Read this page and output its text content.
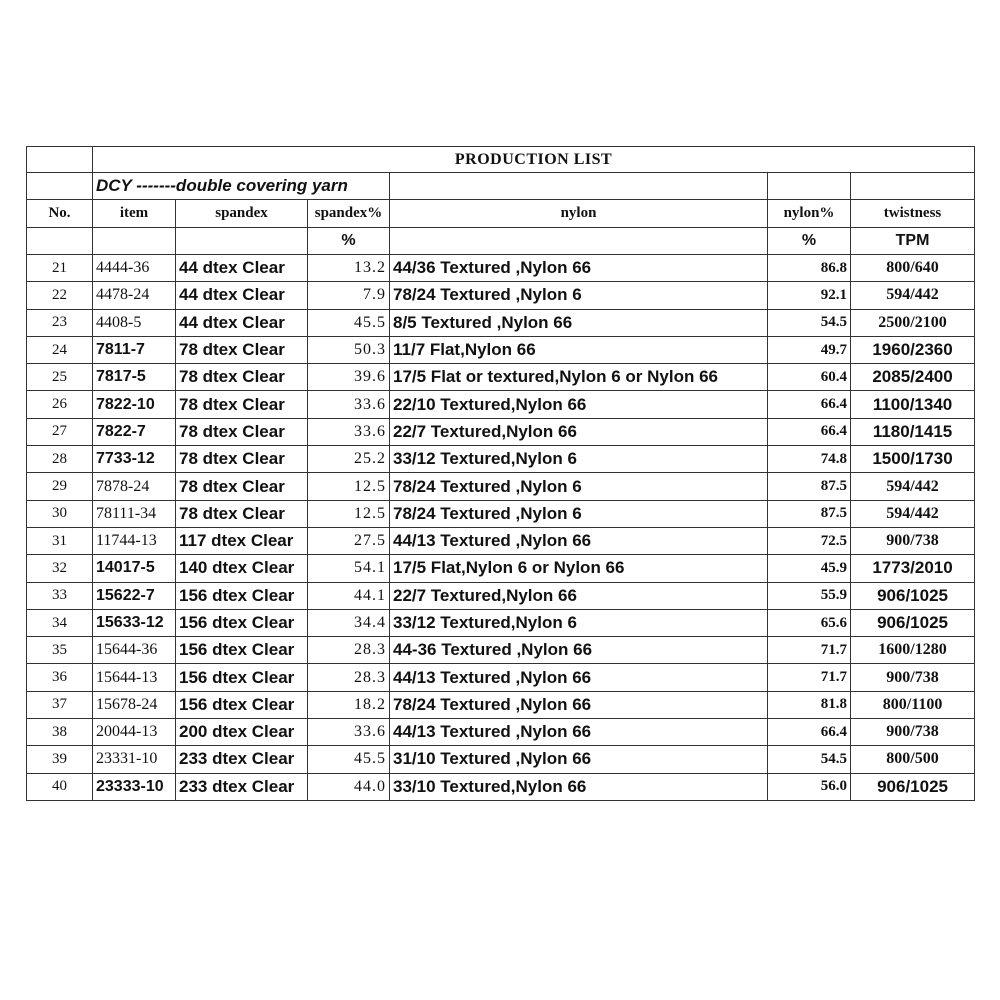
	PRODUCTION LIST					
	DCY -------double covering yarn					
No.	item	spandex	spandex%	nylon	nylon%	twistness
			%		%	TPM
21	4444-36	44 dtex Clear	13.2	44/36 Textured ,Nylon 66	86.8	800/640
22	4478-24	44 dtex Clear	7.9	78/24 Textured ,Nylon 6	92.1	594/442
23	4408-5	44 dtex Clear	45.5	8/5 Textured ,Nylon 66	54.5	2500/2100
24	7811-7	78 dtex Clear	50.3	11/7 Flat,Nylon 66	49.7	1960/2360
25	7817-5	78 dtex Clear	39.6	17/5 Flat or textured,Nylon 6 or Nylon 66	60.4	2085/2400
26	7822-10	78 dtex Clear	33.6	22/10 Textured,Nylon 66	66.4	1100/1340
27	7822-7	78 dtex Clear	33.6	22/7 Textured,Nylon 66	66.4	1180/1415
28	7733-12	78 dtex Clear	25.2	33/12 Textured,Nylon 6	74.8	1500/1730
29	7878-24	78 dtex Clear	12.5	78/24 Textured ,Nylon 6	87.5	594/442
30	78111-34	78 dtex Clear	12.5	78/24 Textured ,Nylon 6	87.5	594/442
31	11744-13	117 dtex Clear	27.5	44/13 Textured ,Nylon 66	72.5	900/738
32	14017-5	140 dtex Clear	54.1	17/5 Flat,Nylon 6 or Nylon 66	45.9	1773/2010
33	15622-7	156 dtex Clear	44.1	22/7 Textured,Nylon 66	55.9	906/1025
34	15633-12	156 dtex Clear	34.4	33/12 Textured,Nylon 6	65.6	906/1025
35	15644-36	156 dtex Clear	28.3	44-36 Textured ,Nylon 66	71.7	1600/1280
36	15644-13	156 dtex Clear	28.3	44/13 Textured ,Nylon 66	71.7	900/738
37	15678-24	156 dtex Clear	18.2	78/24 Textured ,Nylon 66	81.8	800/1100
38	20044-13	200 dtex Clear	33.6	44/13 Textured ,Nylon 66	66.4	900/738
39	23331-10	233 dtex Clear	45.5	31/10 Textured ,Nylon 66	54.5	800/500
40	23333-10	233 dtex Clear	44.0	33/10 Textured,Nylon 66	56.0	906/1025
